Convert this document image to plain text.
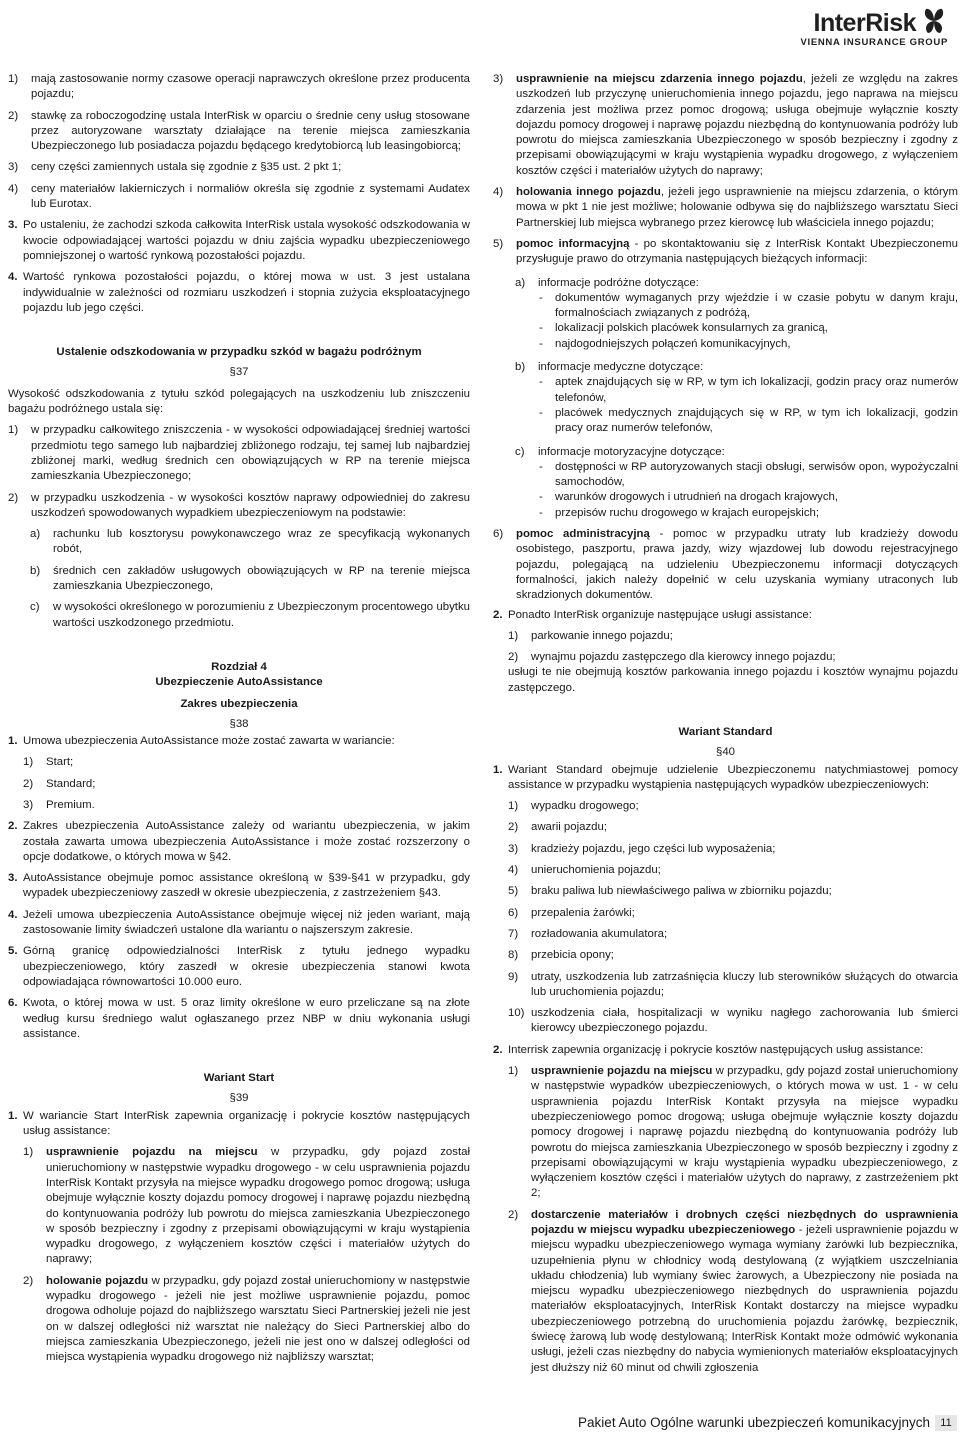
InterRisk
VIENNA INSURANCE GROUP
1) mają zastosowanie normy czasowe operacji naprawczych określone przez producenta pojazdu;
2) stawkę za roboczogodzinę ustala InterRisk w oparciu o średnie ceny usług stosowane przez autoryzowane warsztaty działające na terenie miejsca zamieszkania Ubezpieczonego lub posiadacza pojazdu będącego kredytobiorcą lub leasingobiorcą;
3) ceny części zamiennych ustala się zgodnie z §35 ust. 2 pkt 1;
4) ceny materiałów lakierniczych i normaliów określa się zgodnie z systemami Audatex lub Eurotax.
3. Po ustaleniu, że zachodzi szkoda całkowita InterRisk ustala wysokość odszkodowania w kwocie odpowiadającej wartości pojazdu w dniu zajścia wypadku ubezpieczeniowego pomniejszonej o wartość rynkową pozostałości pojazdu.
4. Wartość rynkowa pozostałości pojazdu, o której mowa w ust. 3 jest ustalana indywidualnie w zależności od rozmiaru uszkodzeń i stopnia zużycia eksploatacyjnego pojazdu lub jego części.

Ustalenie odszkodowania w przypadku szkód w bagażu podróżnym

§37

Wysokość odszkodowania z tytułu szkód polegających na uszkodzeniu lub zniszczeniu bagażu podróżnego ustala się:

1) w przypadku całkowitego zniszczenia - w wysokości odpowiadającej średniej wartości przedmiotu tego samego lub najbardziej zbliżonego rodzaju, tej samej lub najbardziej zbliżonej marki, według średnich cen obowiązujących w RP na terenie miejsca zamieszkania Ubezpieczonego;
2) w przypadku uszkodzenia - w wysokości kosztów naprawy odpowiedniej do zakresu uszkodzeń spowodowanych wypadkiem ubezpieczeniowym na podstawie:
a) rachunku lub kosztorysu powykonawczego wraz ze specyfikacją wykonanych robót,
b) średnich cen zakładów usługowych obowiązujących w RP na terenie miejsca zamieszkania Ubezpieczonego,
c) w wysokości określonego w porozumieniu z Ubezpieczonym procentowego ubytku wartości uszkodzonego przedmiotu.

Rozdział 4

Ubezpieczenie AutoAssistance

Zakres ubezpieczenia

§38

1. Umowa ubezpieczenia AutoAssistance może zostać zawarta w wariancie:
1) Start;
2) Standard;
3) Premium.
2. Zakres ubezpieczenia AutoAssistance zależy od wariantu ubezpieczenia, w jakim została zawarta umowa ubezpieczenia AutoAssistance i może zostać rozszerzony o opcje dodatkowe, o których mowa w §42.
3. AutoAssistance obejmuje pomoc assistance określoną w §39-§41 w przypadku, gdy wypadek ubezpieczeniowy zaszedł w okresie ubezpieczenia, z zastrzeżeniem §43.
4. Jeżeli umowa ubezpieczenia AutoAssistance obejmuje więcej niż jeden wariant, mają zastosowanie limity świadczeń ustalone dla wariantu o najszerszym zakresie.
5. Górną granicę odpowiedzialności InterRisk z tytułu jednego wypadku ubezpieczeniowego, który zaszedł w okresie ubezpieczenia stanowi kwota odpowiadająca równowartości 10.000 euro.
6. Kwota, o której mowa w ust. 5 oraz limity określone w euro przeliczane są na złote według kursu średniego walut ogłaszanego przez NBP w dniu wykonania usługi assistance.

Wariant Start

§39

1. W wariancie Start InterRisk zapewnia organizację i pokrycie kosztów następujących usług assistance:
1) usprawnienie pojazdu na miejscu w przypadku, gdy pojazd został unieruchomiony w następstwie wypadku drogowego - w celu usprawnienia pojazdu InterRisk Kontakt przysyła na miejsce wypadku drogowego pomoc drogową; usługa obejmuje wyłącznie koszty dojazdu pomocy drogowej i naprawę pojazdu niezbędną do kontynuowania podróży lub powrotu do miejsca zamieszkania Ubezpieczonego w sposób bezpieczny i zgodny z przepisami obowiązującymi w kraju wystąpienia wypadku drogowego, z wyłączeniem kosztów części i materiałów użytych do naprawy;
2) holowanie pojazdu w przypadku, gdy pojazd został unieruchomiony w następstwie wypadku drogowego - jeżeli nie jest możliwe usprawnienie pojazdu, pomoc drogowa odholuje pojazd do najbliższego warsztatu Sieci Partnerskiej jeżeli nie jest on w dalszej odległości niż warsztat nie należący do Sieci Partnerskiej albo do miejsca zamieszkania Ubezpieczonego, jeżeli nie jest ono w dalszej odległości od miejsca wystąpienia wypadku drogowego niż najbliższy warsztat;
3) usprawnienie na miejscu zdarzenia innego pojazdu, jeżeli ze względu na zakres uszkodzeń lub przyczynę unieruchomienia innego pojazdu, jego naprawa na miejscu zdarzenia jest możliwa przez pomoc drogową; usługa obejmuje wyłącznie koszty dojazdu pomocy drogowej i naprawę pojazdu niezbędną do kontynuowania podróży lub powrotu do miejsca zamieszkania Ubezpieczonego w sposób bezpieczny i zgodny z przepisami obowiązującymi w kraju wystąpienia wypadku drogowego, z wyłączeniem kosztów części i materiałów użytych do naprawy;
4) holowania innego pojazdu, jeżeli jego usprawnienie na miejscu zdarzenia, o którym mowa w pkt 1 nie jest możliwe; holowanie odbywa się do najbliższego warsztatu Sieci Partnerskiej lub miejsca wybranego przez kierowcę lub właściciela innego pojazdu;
5) pomoc informacyjną - po skontaktowaniu się z InterRisk Kontakt Ubezpieczonemu przysługuje prawo do otrzymania następujących bieżących informacji:
a) informacje podróżne dotyczące:
- dokumentów wymaganych przy wjeździe i w czasie pobytu w danym kraju, formalnościach związanych z podróżą,
- lokalizacji polskich placówek konsularnych za granicą,
- najdogodniejszych połączeń komunikacyjnych,
b) informacje medyczne dotyczące:
- aptek znajdujących się w RP, w tym ich lokalizacji, godzin pracy oraz numerów telefonów,
- placówek medycznych znajdujących się w RP, w tym ich lokalizacji, godzin pracy oraz numerów telefonów,
c) informacje motoryzacyjne dotyczące:
- dostępności w RP autoryzowanych stacji obsługi, serwisów opon, wypożyczalni samochodów,
- warunków drogowych i utrudnień na drogach krajowych,
- przepisów ruchu drogowego w krajach europejskich;
6) pomoc administracyjną - pomoc w przypadku utraty lub kradzieży dowodu osobistego, paszportu, prawa jazdy, wizy wjazdowej lub dowodu rejestracyjnego pojazdu, polegającą na udzieleniu Ubezpieczonemu informacji dotyczących formalności, jakich należy dopełnić w celu uzyskania wymiany utraconych lub skradzionych dokumentów.
2. Ponadto InterRisk organizuje następujące usługi assistance:
1) parkowanie innego pojazdu;
2) wynajmu pojazdu zastępczego dla kierowcy innego pojazdu;

usługi te nie obejmują kosztów parkowania innego pojazdu i kosztów wynajmu pojazdu zastępczego.

Wariant Standard

§40

1. Wariant Standard obejmuje udzielenie Ubezpieczonemu natychmiastowej pomocy assistance w przypadku wystąpienia następujących wypadków ubezpieczeniowych:
1) wypadku drogowego;
2) awarii pojazdu;
3) kradzieży pojazdu, jego części lub wyposażenia;
4) unieruchomienia pojazdu;
5) braku paliwa lub niewłaściwego paliwa w zbiorniku pojazdu;
6) przepalenia żarówki;
7) rozładowania akumulatora;
8) przebicia opony;
9) utraty, uszkodzenia lub zatrzaśnięcia kluczy lub sterowników służących do otwarcia lub uruchomienia pojazdu;
10) uszkodzenia ciała, hospitalizacji w wyniku nagłego zachorowania lub śmierci kierowcy ubezpieczonego pojazdu.
2. Interrisk zapewnia organizację i pokrycie kosztów następujących usług assistance:
1) usprawnienie pojazdu na miejscu w przypadku, gdy pojazd został unieruchomiony w następstwie wypadków ubezpieczeniowych, o których mowa w ust. 1 - w celu usprawnienia pojazdu InterRisk Kontakt przysyła na miejsce wypadku ubezpieczeniowego pomoc drogową; usługa obejmuje wyłącznie koszty dojazdu pomocy drogowej i naprawę pojazdu niezbędną do kontynuowania podróży lub powrotu do miejsca zamieszkania Ubezpieczonego w sposób bezpieczny i zgodny z przepisami obowiązującymi w kraju wystąpienia wypadku ubezpieczeniowego, z wyłączeniem kosztów części i materiałów użytych do naprawy, z zastrzeżeniem pkt 2;
2) dostarczenie materiałów i drobnych części niezbędnych do usprawnienia pojazdu w miejscu wypadku ubezpieczeniowego - jeżeli usprawnienie pojazdu w miejscu wypadku ubezpieczeniowego wymaga wymiany żarówki lub bezpiecznika, uzupełnienia płynu w chłodnicy wodą destylowaną (z wyjątkiem uszczelniania układu chłodzenia) lub wymiany świec żarowych, a Ubezpieczony nie posiada na miejscu wypadku ubezpieczeniowego niezbędnych do usprawnienia pojazdu materiałów eksploatacyjnych, InterRisk Kontakt dostarczy na miejsce wypadku ubezpieczeniowego potrzebną do uruchomienia pojazdu żarówkę, bezpiecznik, świecę żarową lub wodę destylowaną; InterRisk Kontakt może odmówić wykonania usługi, jeżeli czas niezbędny do nabycia wymienionych materiałów eksploatacyjnych jest dłuższy niż 60 minut od chwili zgłoszenia
Pakiet Auto Ogólne warunki ubezpieczeń komunikacyjnych 11
